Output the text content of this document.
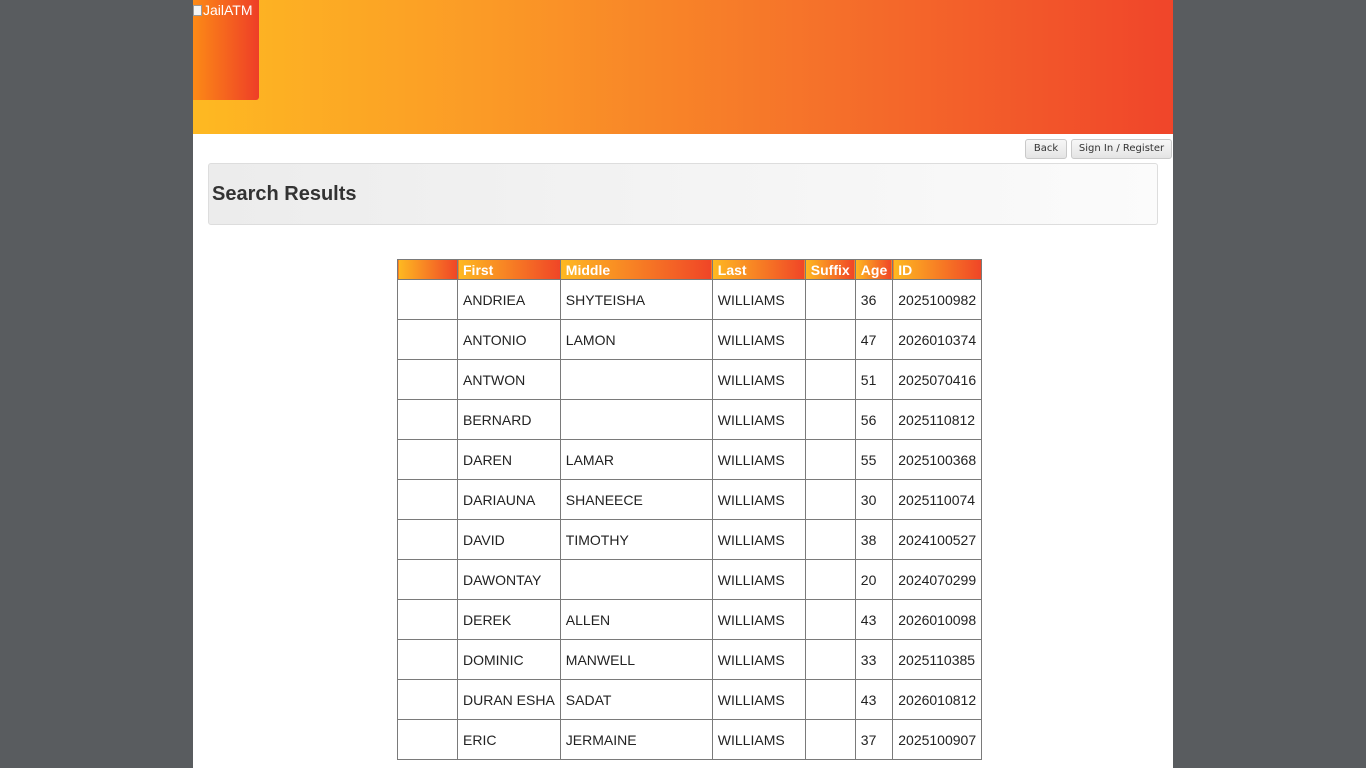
JailATM
Back	Sign In / Register
Search Results
	First	Middle	Last	Suffix	Age	ID
	ANDRIEA	SHYTEISHA	WILLIAMS		36	2025100982
	ANTONIO	LAMON	WILLIAMS		47	2026010374
	ANTWON		WILLIAMS		51	2025070416
	BERNARD		WILLIAMS		56	2025110812
	DAREN	LAMAR	WILLIAMS		55	2025100368
	DARIAUNA	SHANEECE	WILLIAMS		30	2025110074
	DAVID	TIMOTHY	WILLIAMS		38	2024100527
	DAWONTAY		WILLIAMS		20	2024070299
	DEREK	ALLEN	WILLIAMS		43	2026010098
	DOMINIC	MANWELL	WILLIAMS		33	2025110385
	DURAN ESHA	SADAT	WILLIAMS		43	2026010812
	ERIC	JERMAINE	WILLIAMS		37	2025100907
